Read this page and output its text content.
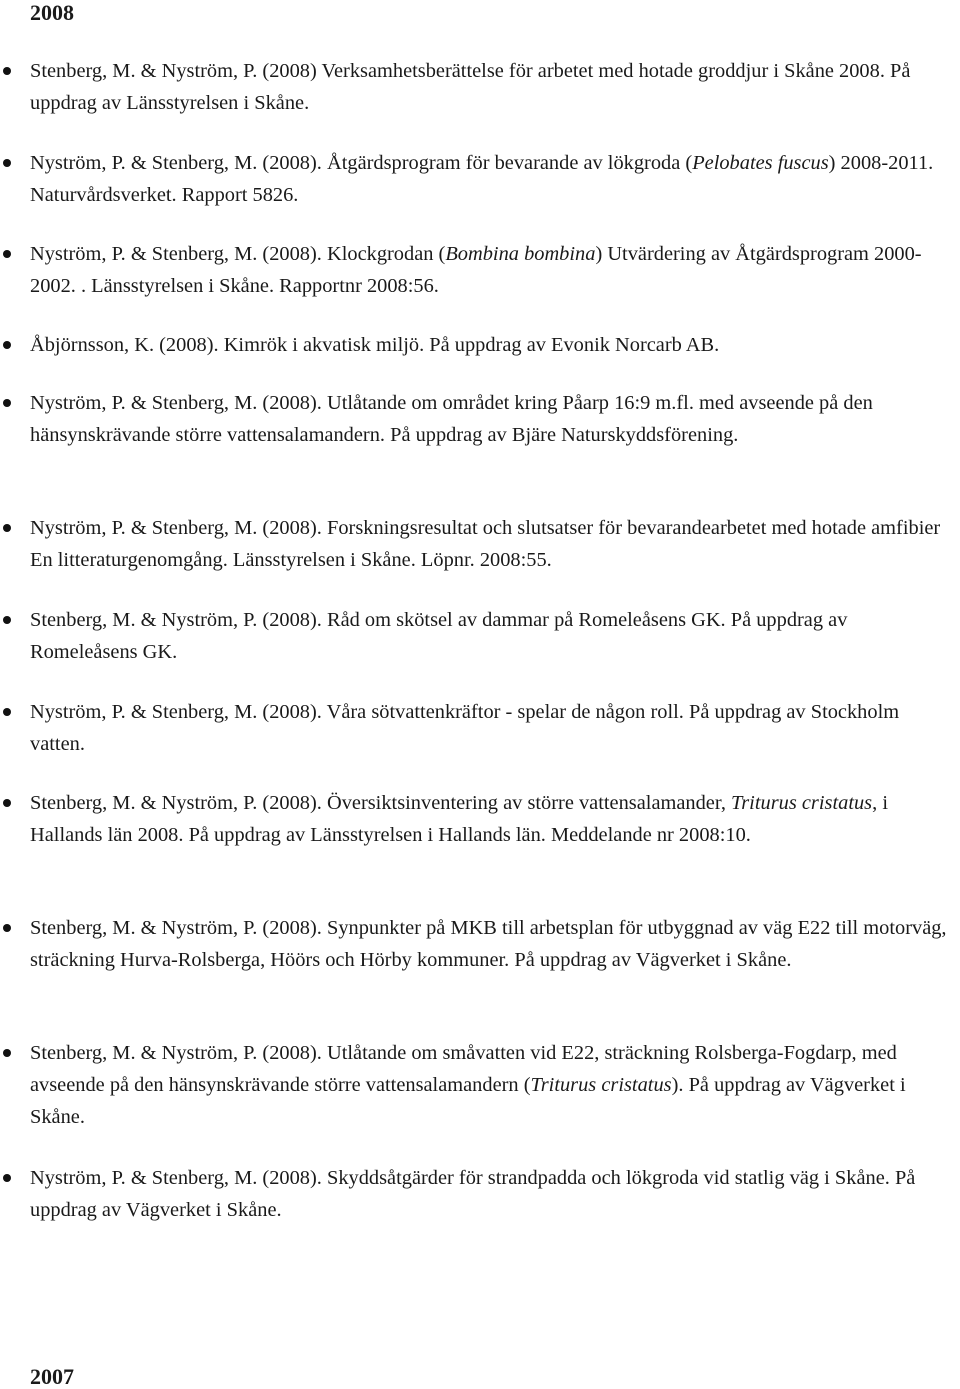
2008

Stenberg, M. & Nyström, P. (2008) Verksamhetsberättelse för arbetet med hotade groddjur i Skåne 2008. På uppdrag av Länsstyrelsen i Skåne.

Nyström, P. & Stenberg, M. (2008). Åtgärdsprogram för bevarande av lökgroda (Pelobates fuscus) 2008-2011. Naturvårdsverket. Rapport 5826.

Nyström, P. & Stenberg, M. (2008). Klockgrodan (Bombina bombina) Utvärdering av Åtgärdsprogram 2000-2002. . Länsstyrelsen i Skåne. Rapportnr 2008:56.

Åbjörnsson, K. (2008). Kimrök i akvatisk miljö. På uppdrag av Evonik Norcarb AB.

Nyström, P. & Stenberg, M. (2008). Utlåtande om området kring Påarp 16:9 m.fl. med avseende på den hänsynskrävande större vattensalamandern. På uppdrag av Bjäre Naturskyddsförening.

Nyström, P. & Stenberg, M. (2008). Forskningsresultat och slutsatser för bevarandearbetet med hotade amfibier En litteraturgenomgång. Länsstyrelsen i Skåne. Löpnr. 2008:55.

Stenberg, M. & Nyström, P. (2008). Råd om skötsel av dammar på Romeleåsens GK. På uppdrag av Romeleåsens GK.

Nyström, P. & Stenberg, M. (2008). Våra sötvattenkräftor - spelar de någon roll. På uppdrag av Stockholm vatten.

Stenberg, M. & Nyström, P. (2008). Översiktsinventering av större vattensalamander, Triturus cristatus, i Hallands län 2008. På uppdrag av Länsstyrelsen i Hallands län. Meddelande nr 2008:10.

Stenberg, M. & Nyström, P. (2008). Synpunkter på MKB till arbetsplan för utbyggnad av väg E22 till motorväg, sträckning Hurva-Rolsberga, Höörs och Hörby kommuner. På uppdrag av Vägverket i Skåne.

Stenberg, M. & Nyström, P. (2008). Utlåtande om småvatten vid E22, sträckning Rolsberga-Fogdarp, med avseende på den hänsynskrävande större vattensalamandern (Triturus cristatus). På uppdrag av Vägverket i Skåne.

Nyström, P. & Stenberg, M. (2008). Skyddsåtgärder för strandpadda och lökgroda vid statlig väg i Skåne. På uppdrag av Vägverket i Skåne.

2007
